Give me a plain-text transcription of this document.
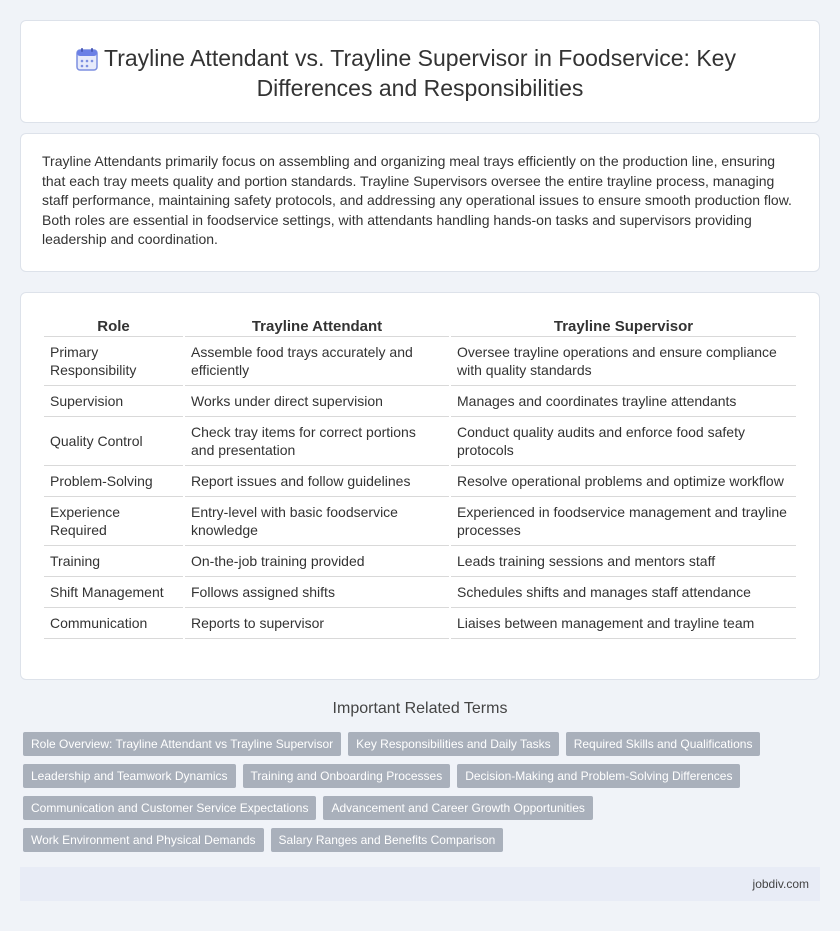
Trayline Attendant vs. Trayline Supervisor in Foodservice: Key Differences and Responsibilities

Trayline Attendants primarily focus on assembling and organizing meal trays efficiently on the production line, ensuring that each tray meets quality and portion standards. Trayline Supervisors oversee the entire trayline process, managing staff performance, maintaining safety protocols, and addressing any operational issues to ensure smooth production flow. Both roles are essential in foodservice settings, with attendants handling hands-on tasks and supervisors providing leadership and coordination.

Role	Trayline Attendant	Trayline Supervisor
Primary Responsibility	Assemble food trays accurately and efficiently	Oversee trayline operations and ensure compliance with quality standards
Supervision	Works under direct supervision	Manages and coordinates trayline attendants
Quality Control	Check tray items for correct portions and presentation	Conduct quality audits and enforce food safety protocols
Problem-Solving	Report issues and follow guidelines	Resolve operational problems and optimize workflow
Experience Required	Entry-level with basic foodservice knowledge	Experienced in foodservice management and trayline processes
Training	On-the-job training provided	Leads training sessions and mentors staff
Shift Management	Follows assigned shifts	Schedules shifts and manages staff attendance
Communication	Reports to supervisor	Liaises between management and trayline team
Important Related Terms
Role Overview: Trayline Attendant vs Trayline Supervisor	Key Responsibilities and Daily Tasks	Required Skills and Qualifications
Leadership and Teamwork Dynamics	Training and Onboarding Processes	Decision-Making and Problem-Solving Differences
Communication and Customer Service Expectations	Advancement and Career Growth Opportunities
Work Environment and Physical Demands	Salary Ranges and Benefits Comparison
jobdiv.com
